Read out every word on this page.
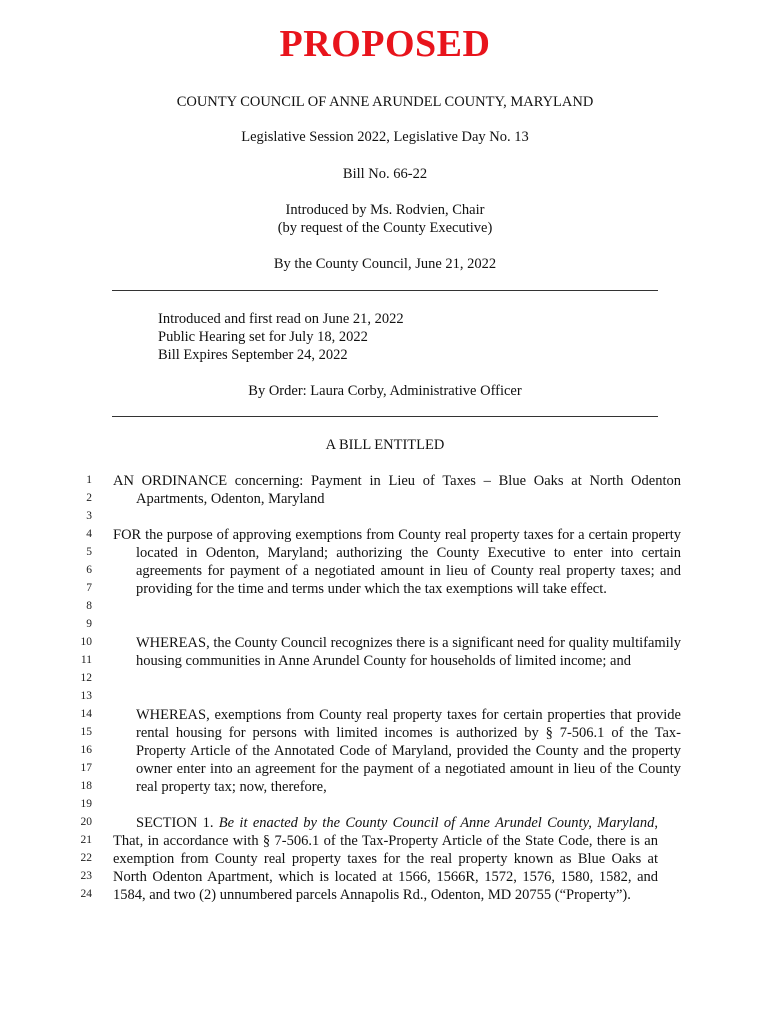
PROPOSED
COUNTY COUNCIL OF ANNE ARUNDEL COUNTY, MARYLAND
Legislative Session 2022, Legislative Day No. 13
Bill No. 66-22
Introduced by Ms. Rodvien, Chair
(by request of the County Executive)
By the County Council, June 21, 2022
Introduced and first read on June 21, 2022
Public Hearing set for July 18, 2022
Bill Expires September 24, 2022
By Order: Laura Corby, Administrative Officer
A BILL ENTITLED
1
2
3
4
5
6
7
8
9
10
11
12
13
14
15
16
17
18
19
20
21
22
23
24
AN ORDINANCE concerning: Payment in Lieu of Taxes – Blue Oaks at North Odenton Apartments, Odenton, Maryland
FOR the purpose of approving exemptions from County real property taxes for a certain property located in Odenton, Maryland; authorizing the County Executive to enter into certain agreements for payment of a negotiated amount in lieu of County real property taxes; and providing for the time and terms under which the tax exemptions will take effect.
WHEREAS, the County Council recognizes there is a significant need for quality multifamily housing communities in Anne Arundel County for households of limited income; and
WHEREAS, exemptions from County real property taxes for certain properties that provide rental housing for persons with limited incomes is authorized by § 7-506.1 of the Tax-Property Article of the Annotated Code of Maryland, provided the County and the property owner enter into an agreement for the payment of a negotiated amount in lieu of the County real property tax; now, therefore,
SECTION 1. Be it enacted by the County Council of Anne Arundel County, Maryland, That, in accordance with § 7-506.1 of the Tax-Property Article of the State Code, there is an exemption from County real property taxes for the real property known as Blue Oaks at North Odenton Apartment, which is located at 1566, 1566R, 1572, 1576, 1580, 1582, and 1584, and two (2) unnumbered parcels Annapolis Rd., Odenton, MD 20755 (“Property”).
